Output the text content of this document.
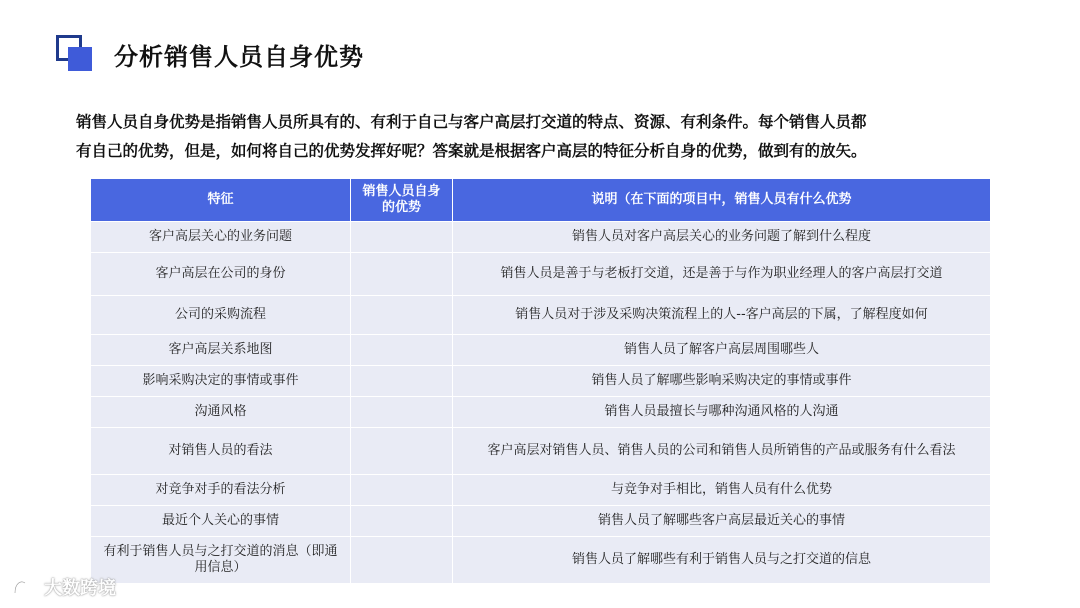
分析销售人员自身优势

销售人员自身优势是指销售人员所具有的、有利于自己与客户高层打交道的特点、资源、有利条件。每个销售人员都
有自己的优势，但是，如何将自己的优势发挥好呢？答案就是根据客户高层的特征分析自身的优势，做到有的放矢。

特征	销售人员自身的优势	说明（在下面的项目中，销售人员有什么优势
客户高层关心的业务问题		销售人员对客户高层关心的业务问题了解到什么程度
客户高层在公司的身份		销售人员是善于与老板打交道，还是善于与作为职业经理人的客户高层打交道
公司的采购流程		销售人员对于涉及采购决策流程上的人--客户高层的下属，了解程度如何
客户高层关系地图		销售人员了解客户高层周围哪些人
影响采购决定的事情或事件		销售人员了解哪些影响采购决定的事情或事件
沟通风格		销售人员最擅长与哪种沟通风格的人沟通
对销售人员的看法		客户高层对销售人员、销售人员的公司和销售人员所销售的产品或服务有什么看法
对竞争对手的看法分析		与竞争对手相比，销售人员有什么优势
最近个人关心的事情		销售人员了解哪些客户高层最近关心的事情
有利于销售人员与之打交道的消息（即通用信息）		销售人员了解哪些有利于销售人员与之打交道的信息
大数跨境
